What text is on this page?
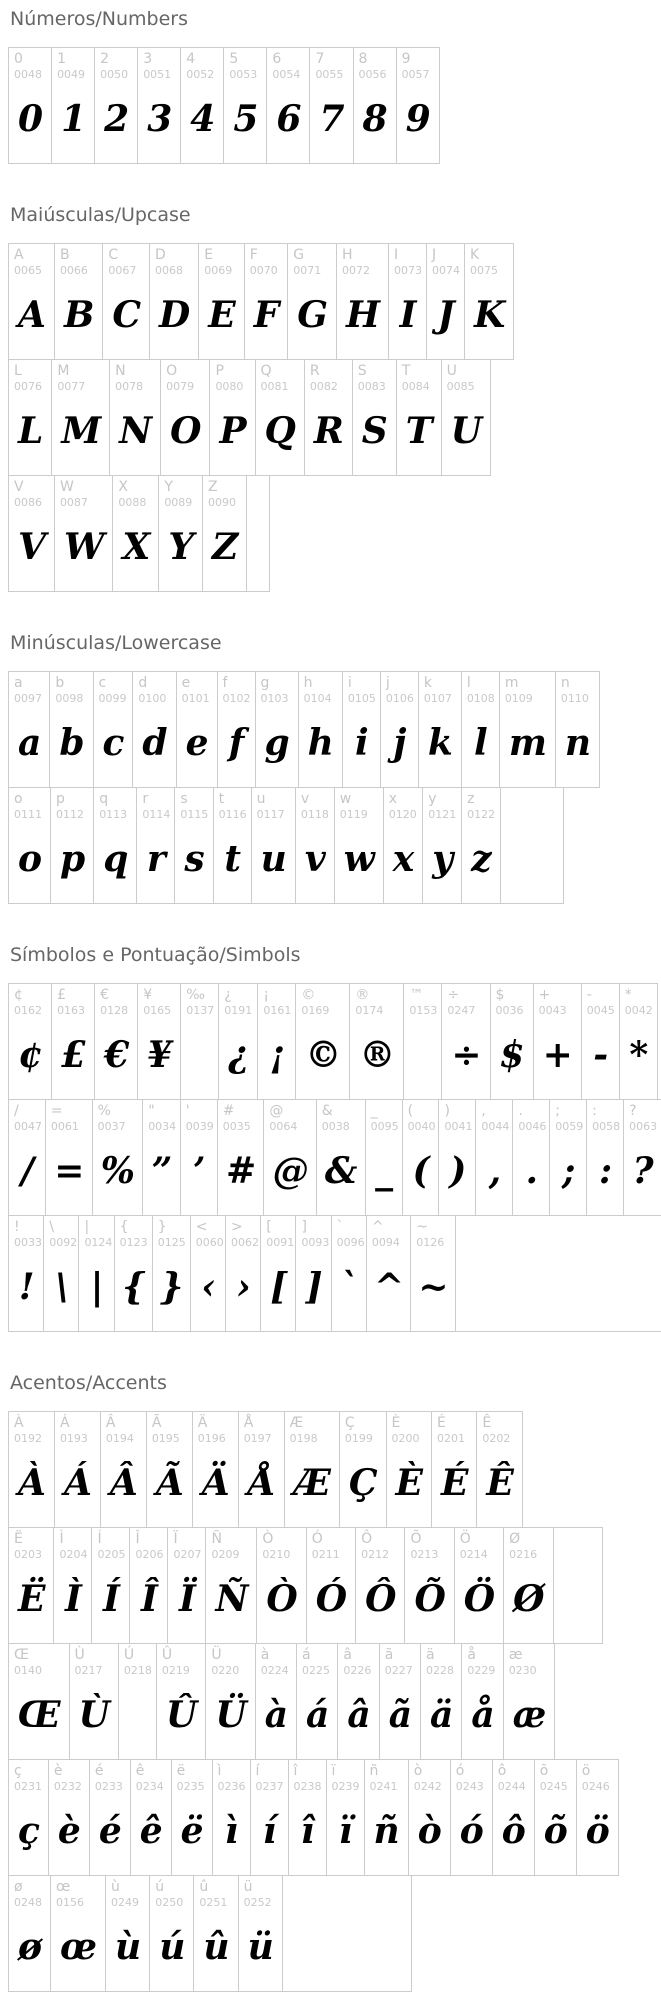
Números/Numbers
0
0048
0
1
0049
1
2
0050
2
3
0051
3
4
0052
4
5
0053
5
6
0054
6
7
0055
7
8
0056
8
9
0057
9
Maiúsculas/Upcase
A
0065
A
B
0066
B
C
0067
C
D
0068
D
E
0069
E
F
0070
F
G
0071
G
H
0072
H
I
0073
I
J
0074
J
K
0075
K
L
0076
L
M
0077
M
N
0078
N
O
0079
O
P
0080
P
Q
0081
Q
R
0082
R
S
0083
S
T
0084
T
U
0085
U
V
0086
V
W
0087
W
X
0088
X
Y
0089
Y
Z
0090
Z
Minúsculas/Lowercase
a
0097
a
b
0098
b
c
0099
c
d
0100
d
e
0101
e
f
0102
f
g
0103
g
h
0104
h
i
0105
i
j
0106
j
k
0107
k
l
0108
l
m
0109
m
n
0110
n
o
0111
o
p
0112
p
q
0113
q
r
0114
r
s
0115
s
t
0116
t
u
0117
u
v
0118
v
w
0119
w
x
0120
x
y
0121
y
z
0122
z
Símbolos e Pontuação/Simbols
¢
0162
¢
£
0163
£
€
0128
€
¥
0165
¥
‰
0137
¿
0191
¿
¡
0161
¡
©
0169
©
®
0174
®
™
0153
÷
0247
÷
$
0036
$
+
0043
+
-
0045
-
*
0042
*
/
0047
/
=
0061
=
%
0037
%
"
0034
”
'
0039
’
#
0035
#
@
0064
@
&
0038
&
_
0095
_
(
0040
(
)
0041
)
,
0044
,
.
0046
.
;
0059
;
:
0058
:
?
0063
?
!
0033
!
\
0092
\
|
0124
|
{
0123
{
}
0125
}
<
0060
‹
>
0062
›
[
0091
[
]
0093
]
`
0096
`
^
0094
^
~
0126
~
Acentos/Accents
À
0192
À
Á
0193
Á
Â
0194
Â
Ã
0195
Ã
Ä
0196
Ä
Å
0197
Å
Æ
0198
Æ
Ç
0199
Ç
È
0200
È
É
0201
É
Ê
0202
Ê
Ë
0203
Ë
Ì
0204
Ì
Í
0205
Í
Î
0206
Î
Ï
0207
Ï
Ñ
0209
Ñ
Ò
0210
Ò
Ó
0211
Ó
Ô
0212
Ô
Õ
0213
Õ
Ö
0214
Ö
Ø
0216
Ø
Œ
0140
Œ
Ù
0217
Ù
Ú
0218
Û
0219
Û
Ü
0220
Ü
à
0224
à
á
0225
á
â
0226
â
ã
0227
ã
ä
0228
ä
å
0229
å
æ
0230
æ
ç
0231
ç
è
0232
è
é
0233
é
ê
0234
ê
ë
0235
ë
ì
0236
ì
í
0237
í
î
0238
î
ï
0239
ï
ñ
0241
ñ
ò
0242
ò
ó
0243
ó
ô
0244
ô
õ
0245
õ
ö
0246
ö
ø
0248
ø
œ
0156
œ
ù
0249
ù
ú
0250
ú
û
0251
û
ü
0252
ü
